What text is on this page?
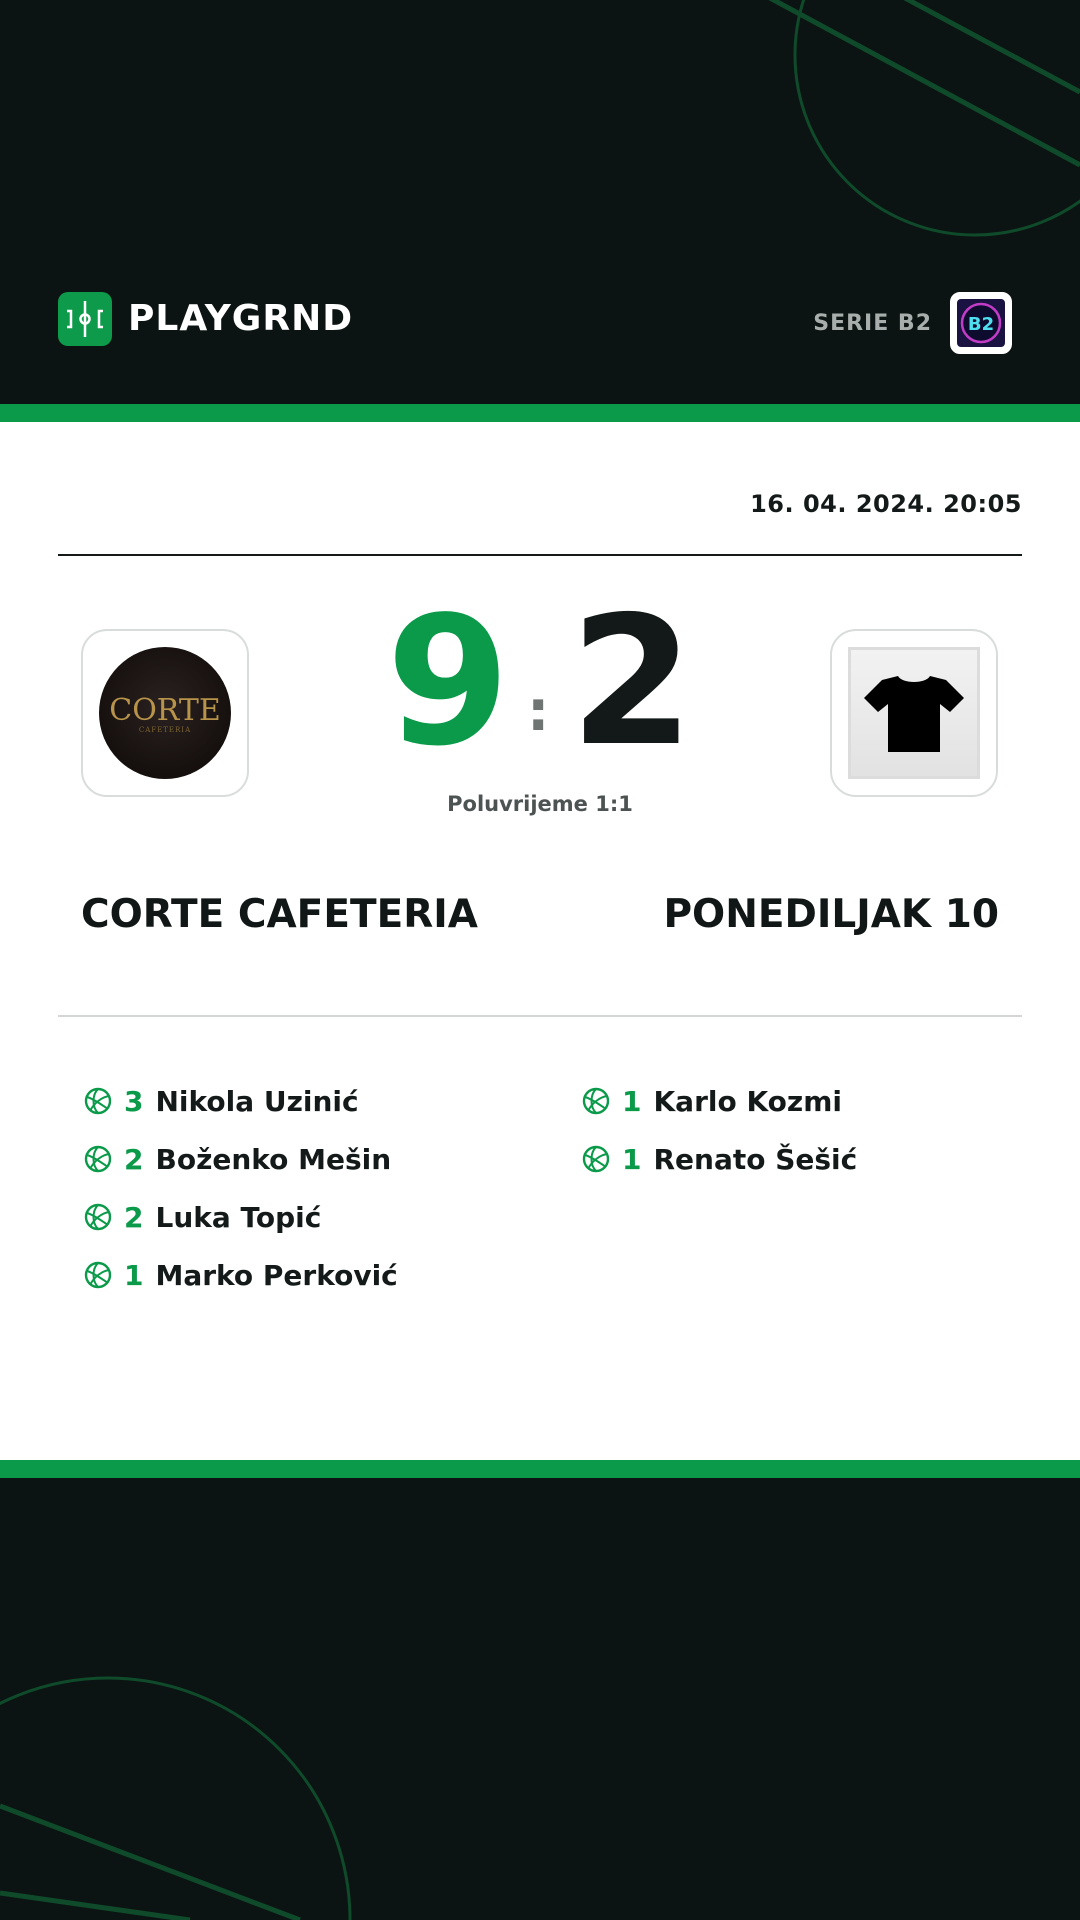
PLAYGRND	SERIE B2 B2
16. 04. 2024. 20:05
CORTE
CAFETERIA 9 : 2
Poluvrijeme 1:1
CORTE CAFETERIA	PONEDILJAK 10
3 Nikola Uzinić
2 Boženko Mešin
2 Luka Topić
1 Marko Perković
1 Karlo Kozmi
1 Renato Šešić
